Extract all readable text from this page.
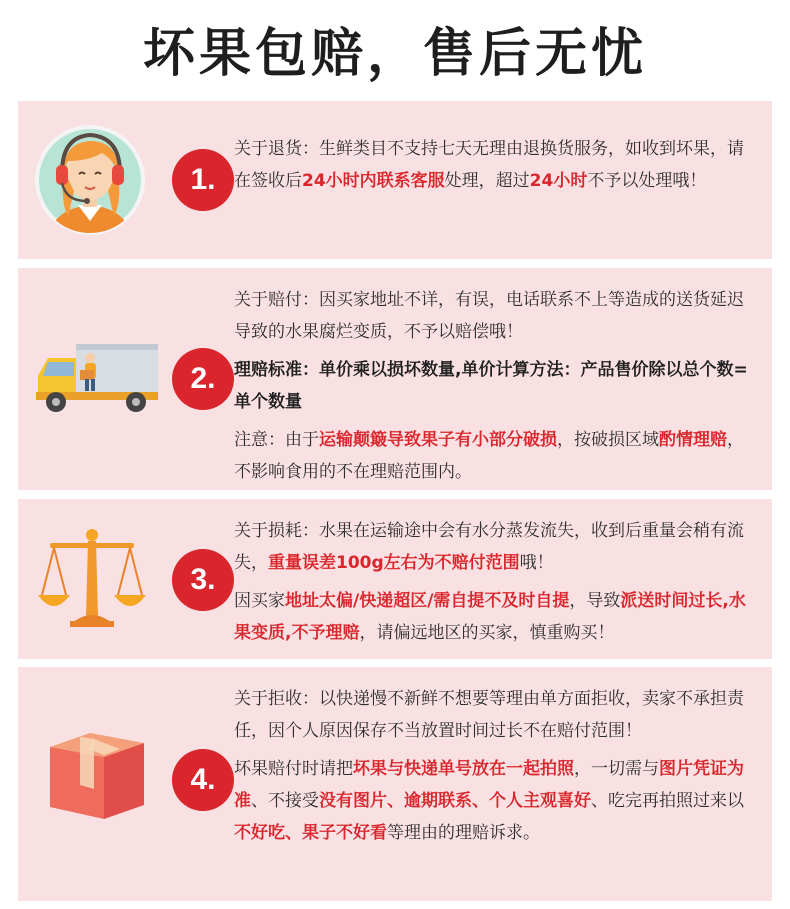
坏果包赔，售后无忧
1.

关于退货：生鲜类目不支持七天无理由退换货服务，如收到坏果，请在签收后24小时内联系客服处理，超过24小时不予以处理哦！

2.

关于赔付：因买家地址不详，有误，电话联系不上等造成的送货延迟导致的水果腐烂变质，不予以赔偿哦！

理赔标准：单价乘以损坏数量,单价计算方法：产品售价除以总个数=单个数量

注意：由于运输颠簸导致果子有小部分破损，按破损区域酌情理赔，不影响食用的不在理赔范围内。

3.

关于损耗：水果在运输途中会有水分蒸发流失，收到后重量会稍有流失，重量误差100g左右为不赔付范围哦！

因买家地址太偏/快递超区/需自提不及时自提，导致派送时间过长,水果变质,不予理赔，请偏远地区的买家，慎重购买！

4.

关于拒收：以快递慢不新鲜不想要等理由单方面拒收，卖家不承担责任，因个人原因保存不当放置时间过长不在赔付范围！

坏果赔付时请把坏果与快递单号放在一起拍照，一切需与图片凭证为准、不接受没有图片、逾期联系、个人主观喜好、吃完再拍照过来以不好吃、果子不好看等理由的理赔诉求。
